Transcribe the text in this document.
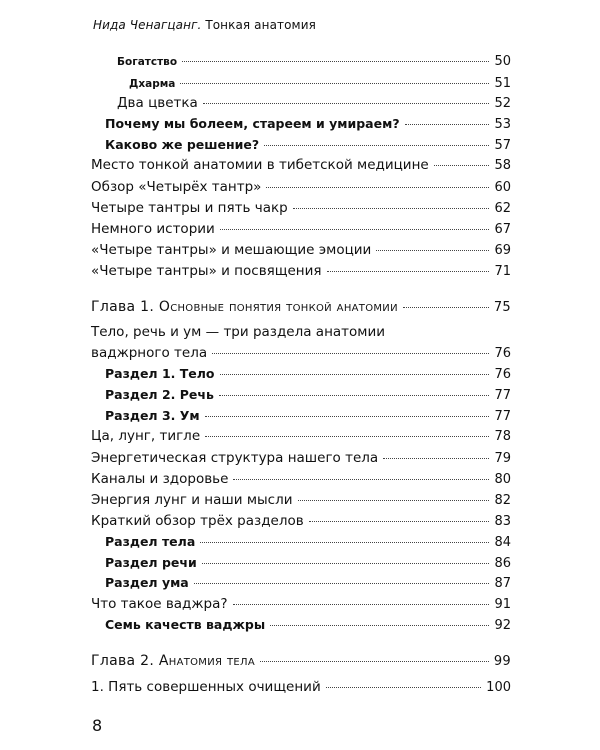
Нида Ченагцанг. Тонкая анатомия
Богатство	50
Дхарма	51
Два цветка	52
Почему мы болеем, стареем и умираем?	53
Каково же решение?	57
Место тонкой анатомии в тибетской медицине	58
Обзор «Четырёх тантр»	60
Четыре тантры и пять чакр	62
Немного истории	67
«Четыре тантры» и мешающие эмоции	69
«Четыре тантры» и посвящения	71
Глава 1. Основные понятия тонкой анатомии	75
Тело, речь и ум — три раздела анатомии
ваджрного тела	76
Раздел 1. Тело	76
Раздел 2. Речь	77
Раздел 3. Ум	77
Ца, лунг, тигле	78
Энергетическая структура нашего тела	79
Каналы и здоровье	80
Энергия лунг и наши мысли	82
Краткий обзор трёх разделов	83
Раздел тела	84
Раздел речи	86
Раздел ума	87
Что такое ваджра?	91
Семь качеств ваджры	92
Глава 2. Анатомия тела	99
1. Пять совершенных очищений	100
8
